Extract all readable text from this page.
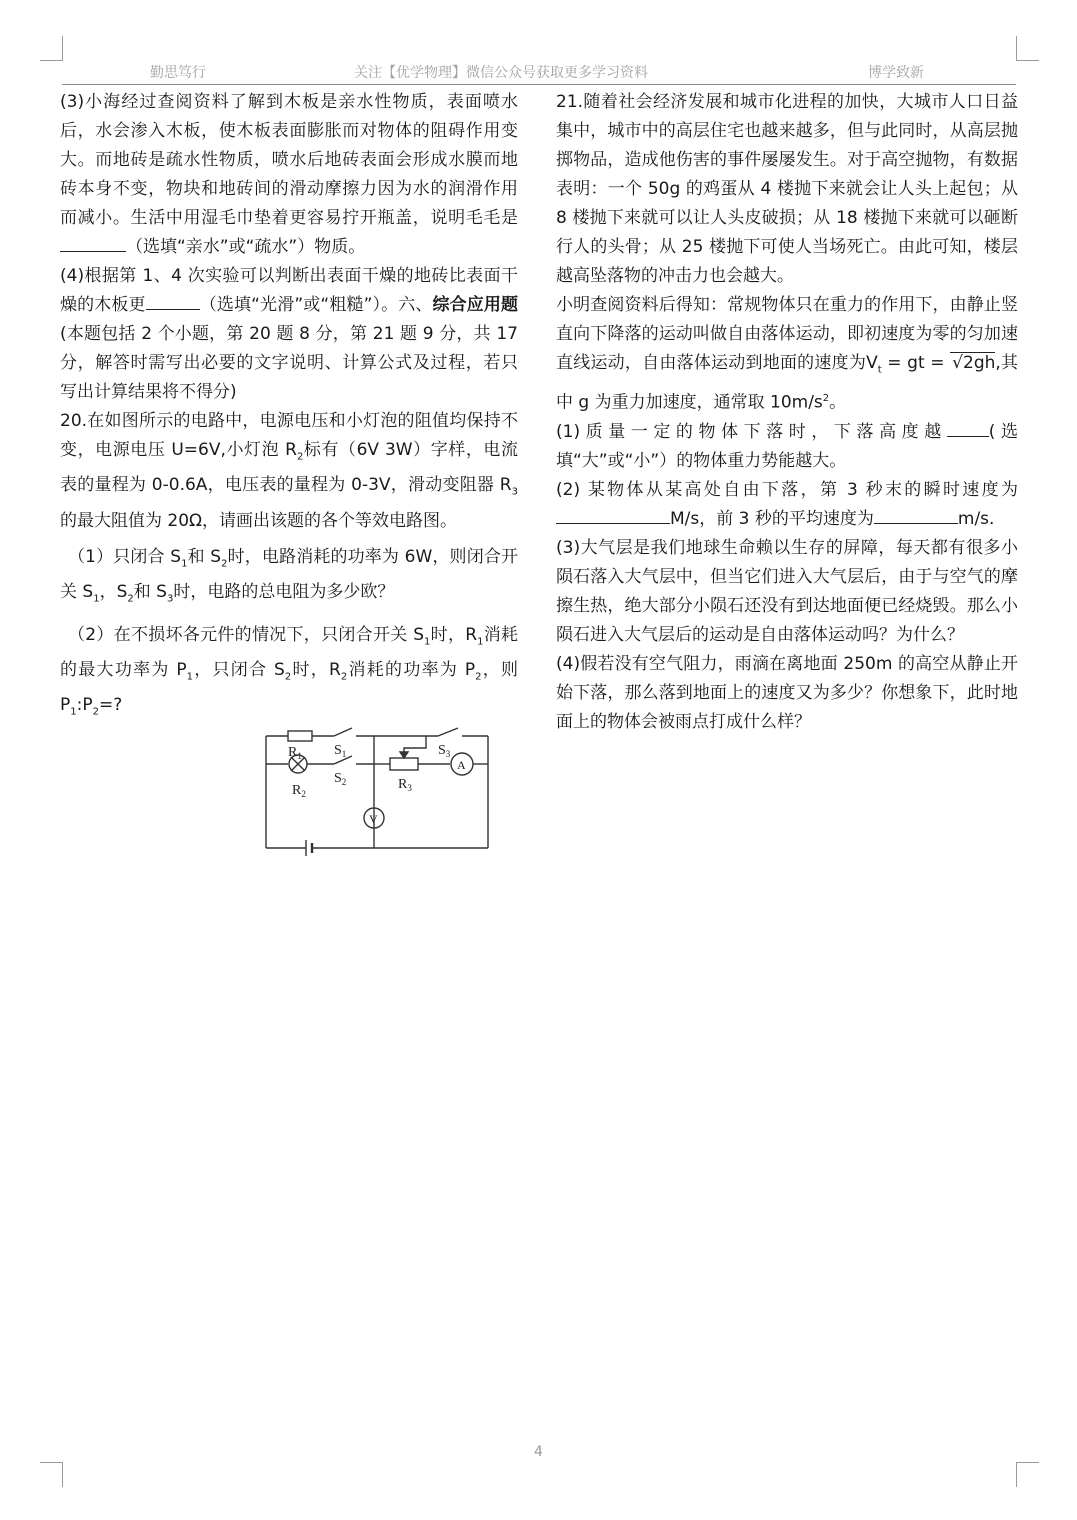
勤思笃行	关注【优学物理】微信公众号获取更多学习资料	博学致新

(3)小海经过查阅资料了解到木板是亲水性物质，表面喷水后，水会渗入木板，使木板表面膨胀而对物体的阻碍作用变大。而地砖是疏水性物质，喷水后地砖表面会形成水膜而地砖本身不变，物块和地砖间的滑动摩擦力因为水的润滑作用而减小。生活中用湿毛巾垫着更容易拧开瓶盖，说明毛毛是（选填“亲水”或“疏水”）物质。

(4)根据第 1、4 次实验可以判断出表面干燥的地砖比表面干燥的木板更	（选填“光滑”或“粗糙”）。六、综合应用题(本题包括 2 个小题，第 20 题 8 分，第 21 题 9 分，共 17 分，解答时需写出必要的文字说明、计算公式及过程，若只写出计算结果将不得分)

20.在如图所示的电路中，电源电压和小灯泡的阻值均保持不变，电源电压 U=6V,小灯泡 $R_2$标有（6V 3W）字样，电流表的量程为 0-0.6A，电压表的量程为 0-3V，滑动变阻器 $R_3$的最大阻值为 20Ω，请画出该题的各个等效电路图。

（1）只闭合 $S_1$和 $S_2$时，电路消耗的功率为 6W，则闭合开关 $S_1$，$S_2$和 $S_3$时，电路的总电阻为多少欧？

（2）在不损坏各元件的情况下，只闭合开关 $S_1$时，$R_1$消耗的最大功率为 $P_1$，只闭合 $S_2$时，$R_2$消耗的功率为 $P_2$，则 $P_1:P_2=$?

$R_1$ $S_1$	$S_3$
$S_2$
$R_2$
$R_3$
V
A

21.随着社会经济发展和城市化进程的加快，大城市人口日益集中，城市中的高层住宅也越来越多，但与此同时，从高层抛掷物品，造成他伤害的事件屡屡发生。对于高空抛物，有数据表明：一个 50g 的鸡蛋从 4 楼抛下来就会让人头上起包；从 8 楼抛下来就可以让人头皮破损；从 18 楼抛下来就可以砸断行人的头骨；从 25 楼抛下可使人当场死亡。由此可知，楼层越高坠落物的冲击力也会越大。

小明查阅资料后得知：常规物体只在重力的作用下，由静止竖直向下降落的运动叫做自由落体运动，即初速度为零的匀加速直线运动，自由落体运动到地面的速度为$V_t$ = gt = √2gh,其中 g 为重力加速度，通常取 $10m/s^2$。

(1)质量一定的物体下落时，下落高度越 (选填“大”或“小”）的物体重力势能越大。

(2) 某物体从某高处自由下落，第 3 秒末的瞬时速度为M/s，前 3 秒的平均速度为	m/s.

(3)大气层是我们地球生命赖以生存的屏障，每天都有很多小陨石落入大气层中，但当它们进入大气层后，由于与空气的摩擦生热，绝大部分小陨石还没有到达地面便已经烧毁。那么小陨石进入大气层后的运动是自由落体运动吗？为什么？

(4)假若没有空气阻力，雨滴在离地面 250m 的高空从静止开始下落，那么落到地面上的速度又为多少？你想象下，此时地面上的物体会被雨点打成什么样？

4
